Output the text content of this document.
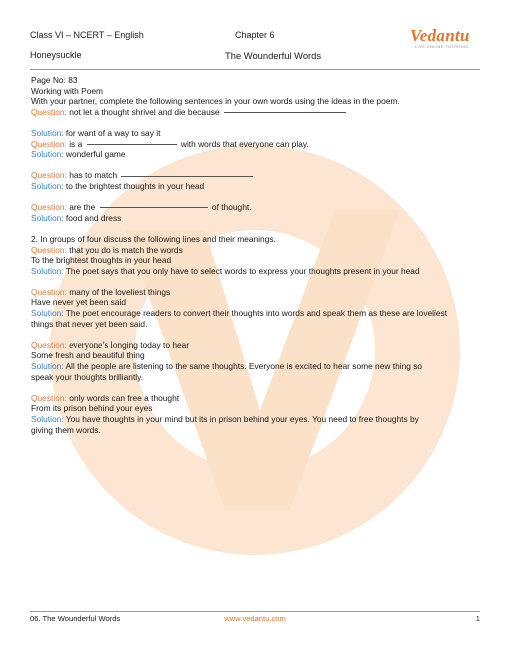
Class VI – NCERT – English	Chapter 6
Honeysuckle	The Wounderful Words
Vedantu
LIVE ONLINE TUTORING

Page No: 83

Working with Poem

With your partner, complete the following sentences in your own words using the ideas in the poem.

Question: not let a thought shrivel and die because

Solution: for want of a way to say it

Question: is a	with words that everyone can play.

Solution: wonderful game

Question: has to match

Solution: to the brightest thoughts in your head

Question: are the	of thought.

Solution: food and dress

2. In groups of four discuss the following lines and their meanings.

Question: that you do is match the words

To the brightest thoughts in your head

Solution: The poet says that you only have to select words to express your thoughts present in your head

Question: many of the loveliest things

Have never yet been said

Solution: The poet encourage readers to convert their thoughts into words and speak them as these are loveliest

things that never yet been said.

Question: everyone’s longing today to hear

Some fresh and beautiful thing

Solution: All the people are listening to the same thoughts. Everyone is excited to hear some new thing so

speak your thoughts brilliantly.

Question: only words can free a thought

From its prison behind your eyes

Solution: You have thoughts in your mind but its in prison behind your eyes. You need to free thoughts by

giving them words.

06. The Wounderful Words	www.vedantu.com	1
